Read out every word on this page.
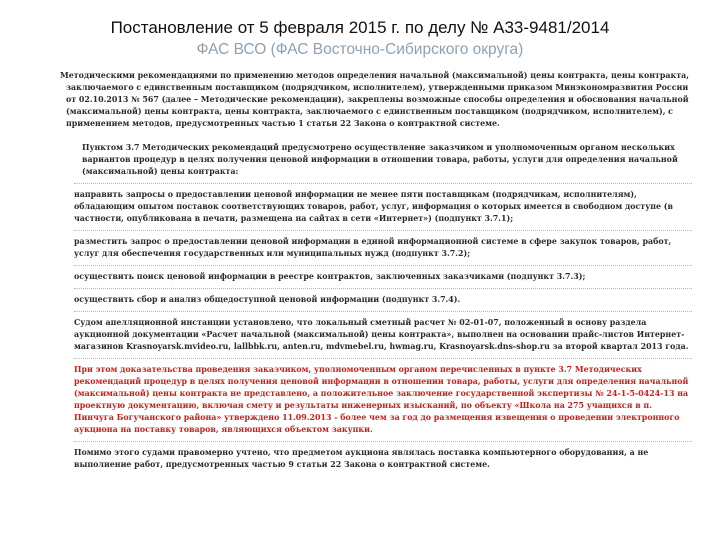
Постановление от 5 февраля 2015 г. по делу № А33-9481/2014
ФАС ВСО (ФАС Восточно-Сибирского округа)

Методическими рекомендациями по применению методов определения начальной (максимальной) цены контракта, цены контракта, заключаемого с единственным поставщиком (подрядчиком, исполнителем), утвержденными приказом Минэкономразвития России от 02.10.2013 № 567 (далее – Методические рекомендации), закреплены возможные способы определения и обоснования начальной (максимальной) цены контракта, цены контракта, заключаемого с единственным поставщиком (подрядчиком, исполнителем), с применением методов, предусмотренных частью 1 статьи 22 Закона о контрактной системе.

Пунктом 3.7 Методических рекомендаций предусмотрено осуществление заказчиком и уполномоченным органом нескольких вариантов процедур в целях получения ценовой информации в отношении товара, работы, услуги для определения начальной (максимальной) цены контракта:

направить запросы о предоставлении ценовой информации не менее пяти поставщикам (подрядчикам, исполнителям), обладающим опытом поставок соответствующих товаров, работ, услуг, информация о которых имеется в свободном доступе (в частности, опубликована в печати, размещена на сайтах в сети «Интернет») (подпункт 3.7.1);

разместить запрос о предоставлении ценовой информации в единой информационной системе в сфере закупок товаров, работ, услуг для обеспечения государственных или муниципальных нужд (подпункт 3.7.2);

осуществить поиск ценовой информации в реестре контрактов, заключенных заказчиками (подпункт 3.7.3);

осуществить сбор и анализ общедоступной ценовой информации (подпункт 3.7.4).

Судом апелляционной инстанции установлено, что локальный сметный расчет № 02-01-07, положенный в основу раздела аукционной документации «Расчет начальной (максимальной) цены контракта», выполнен на основании прайс-листов Интернет-магазинов Krasnoyarsk.mvideo.ru, lallbbk.ru, anten.ru, mdvmebel.ru, hwmag.ru, Krasnoyarsk.dns-shop.ru за второй квартал 2013 года.

При этом доказательства проведения заказчиком, уполномоченным органом перечисленных в пункте 3.7 Методических рекомендаций процедур в целях получения ценовой информации в отношении товара, работы, услуги для определения начальной (максимальной) цены контракта не представлено, а положительное заключение государственной экспертизы № 24-1-5-0424-13 на проектную документацию, включая смету и результаты инженерных изысканий, по объекту «Школа на 275 учащихся в п. Пинчуга Богучанского района» утверждено 11.09.2013 - более чем за год до размещения извещения о проведении электронного аукциона на поставку товаров, являющихся объектом закупки.

Помимо этого судами правомерно учтено, что предметом аукциона являлась поставка компьютерного оборудования, а не выполнение работ, предусмотренных частью 9 статьи 22 Закона о контрактной системе.
